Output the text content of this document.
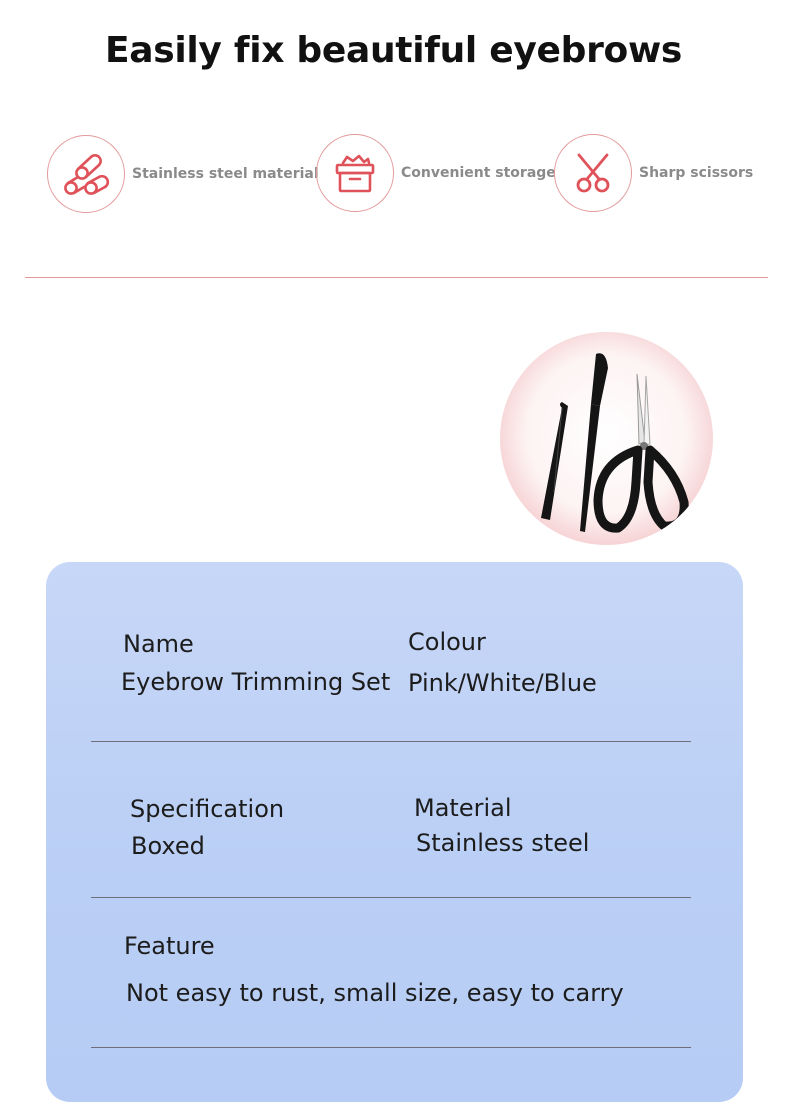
Easily fix beautiful eyebrows
Stainless steel material	Convenient storage	Sharp scissors
Name
Eyebrow Trimming Set
Colour
Pink/White/Blue
Specification
Boxed
Material
Stainless steel
Feature
Not easy to rust, small size, easy to carry
